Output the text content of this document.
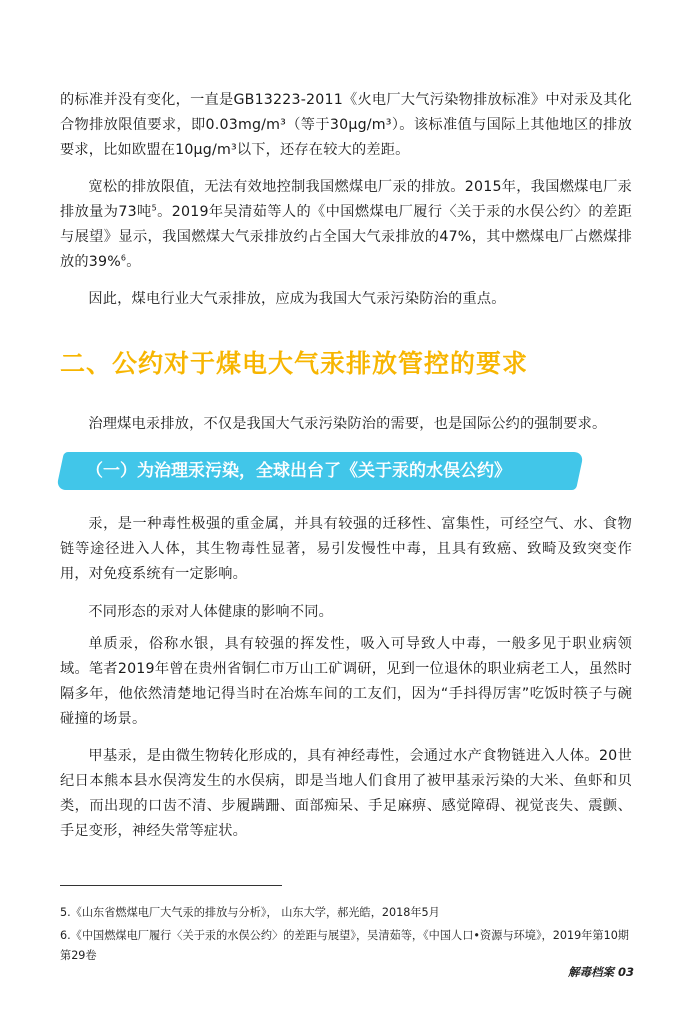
的标准并没有变化，一直是GB13223-2011《火电厂大气污染物排放标准》中对汞及其化合物排放限值要求，即0.03mg/m³（等于30μg/m³）。该标准值与国际上其他地区的排放要求，比如欧盟在10μg/m³以下，还存在较大的差距。

宽松的排放限值，无法有效地控制我国燃煤电厂汞的排放。2015年，我国燃煤电厂汞排放量为73吨$^5$。2019年吴清茹等人的《中国燃煤电厂履行〈关于汞的水俣公约〉的差距与展望》显示，我国燃煤大气汞排放约占全国大气汞排放的47%，其中燃煤电厂占燃煤排放的39%$^6$。

因此，煤电行业大气汞排放，应成为我国大气汞污染防治的重点。

二、公约对于煤电大气汞排放管控的要求

治理煤电汞排放，不仅是我国大气汞污染防治的需要，也是国际公约的强制要求。

（一）为治理汞污染，全球出台了《关于汞的水俣公约》

汞，是一种毒性极强的重金属，并具有较强的迁移性、富集性，可经空气、水、食物链等途径进入人体，其生物毒性显著，易引发慢性中毒，且具有致癌、致畸及致突变作用，对免疫系统有一定影响。

不同形态的汞对人体健康的影响不同。

单质汞，俗称水银，具有较强的挥发性，吸入可导致人中毒，一般多见于职业病领域。笔者2019年曾在贵州省铜仁市万山工矿调研，见到一位退休的职业病老工人，虽然时隔多年，他依然清楚地记得当时在冶炼车间的工友们，因为“手抖得厉害”吃饭时筷子与碗碰撞的场景。

甲基汞，是由微生物转化形成的，具有神经毒性，会通过水产食物链进入人体。20世纪日本熊本县水俣湾发生的水俣病，即是当地人们食用了被甲基汞污染的大米、鱼虾和贝类，而出现的口齿不清、步履蹒跚、面部痴呆、手足麻痹、感觉障碍、视觉丧失、震颤、手足变形，神经失常等症状。

5.《山东省燃煤电厂大气汞的排放与分析》， 山东大学，郝光皓，2018年5月

6.《中国燃煤电厂履行〈关于汞的水俣公约〉的差距与展望》，吴清茹等，《中国人口•资源与环境》，2019年第10期第29卷

解毒档案 03
